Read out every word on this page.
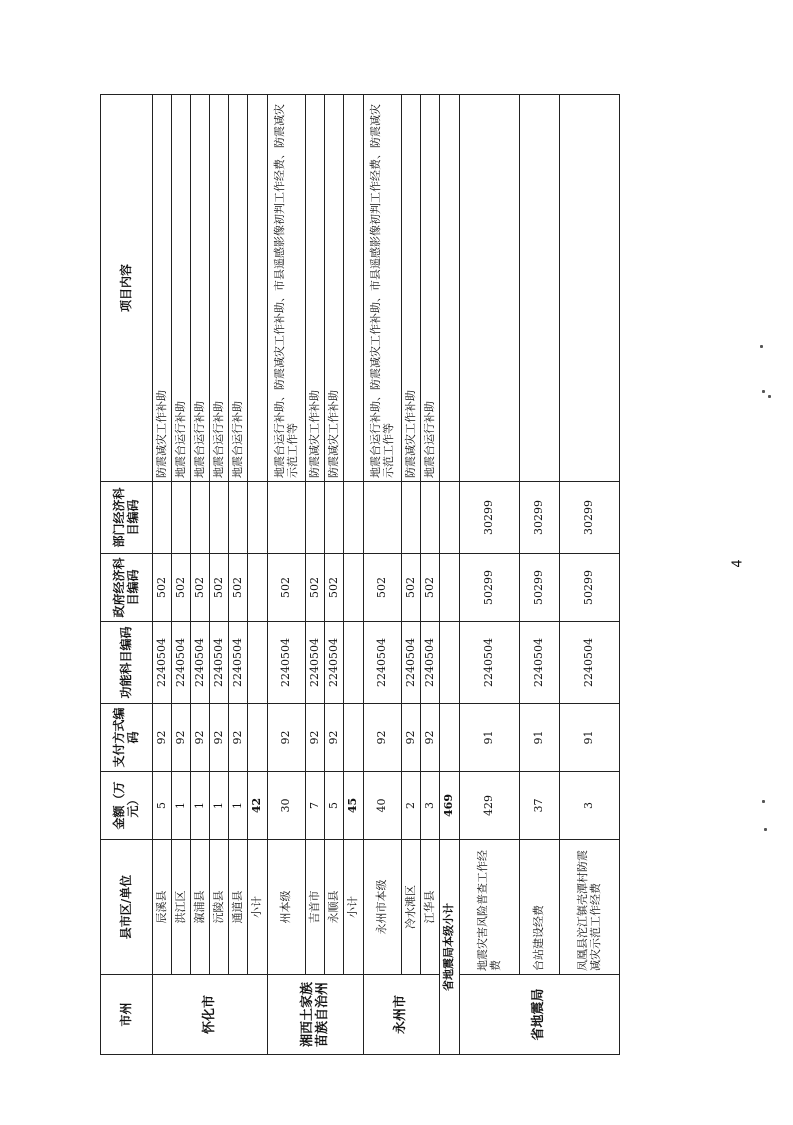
市州	县市区/单位	金额（万元）	支付方式编码	功能科目编码	政府经济科目编码	部门经济科目编码	项目内容
怀化市	辰溪县	5	92	2240504	502		防震减灾工作补助
	洪江区	1	92	2240504	502		地震台运行补助
	溆浦县	1	92	2240504	502		地震台运行补助
	沅陵县	1	92	2240504	502		地震台运行补助
	通道县	1	92	2240504	502		地震台运行补助
	小计	42					
湘西土家族苗族自治州	州本级	30	92	2240504	502		地震台运行补助、防震减灾工作补助、市县遥感影像初判工作经费、防震减灾示范工作等
	吉首市	7	92	2240504	502		防震减灾工作补助
	永顺县	5	92	2240504	502		防震减灾工作补助
	小计	45					
永州市	永州市本级	40	92	2240504	502		地震台运行补助、防震减灾工作补助、市县遥感影像初判工作经费、防震减灾示范工作等
	冷水滩区	2	92	2240504	502		防震减灾工作补助
	江华县	3	92	2240504	502		地震台运行补助
省地震局本级小计		469					
省地震局	地震灾害风险普查工作经费	429	91	2240504	50299	30299	
	台站建设经费	37	91	2240504	50299	30299	
	凤凰县沱江镇壳潭村防震减灾示范工作经费	3	91	2240504	50299	30299	
4
